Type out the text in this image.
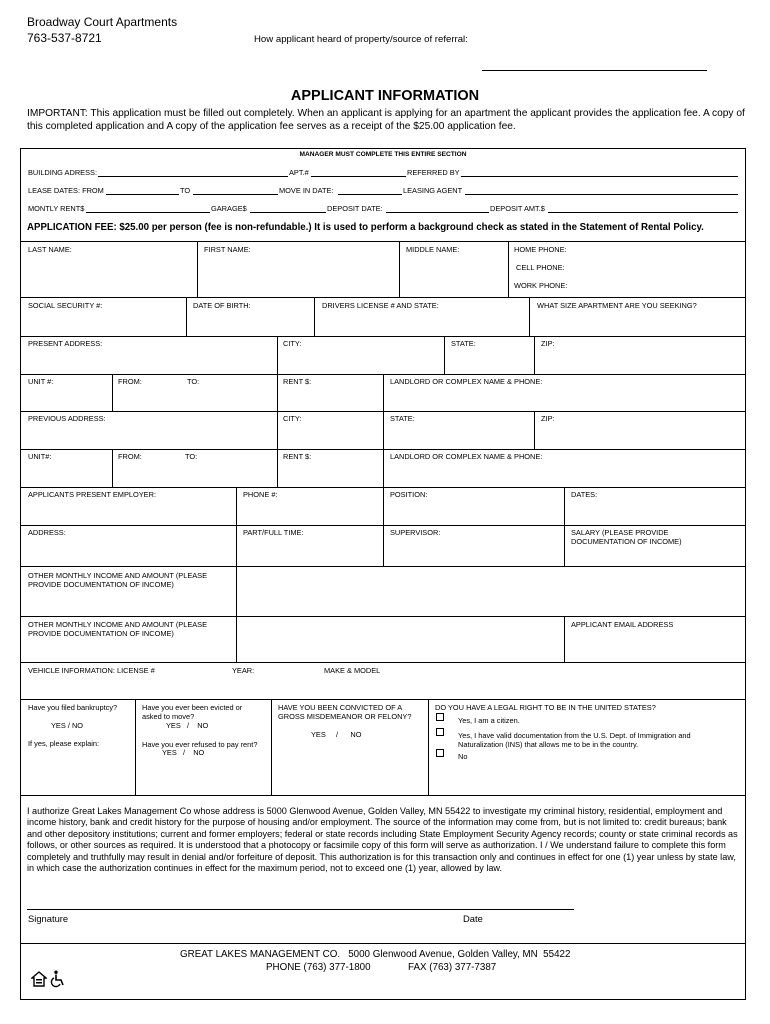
Broadway Court Apartments
763-537-8721	How applicant heard of property/source of referral:
APPLICANT INFORMATION
IMPORTANT: This application must be filled out completely. When an applicant is applying for an apartment the applicant provides the application fee. A copy of this completed application and A copy of the application fee serves as a receipt of the $25.00 application fee.
MANAGER MUST COMPLETE THIS ENTIRE SECTION
BUILDING ADRESS:	APT.#	REFERRED BY
LEASE DATES: FROM	TO	MOVE IN DATE:	LEASING AGENT
MONTLY RENT$	GARAGE$	DEPOSIT DATE:	DEPOSIT AMT.$
APPLICATION FEE: $25.00 per person (fee is non-refundable.) It is used to perform a background check as stated in the Statement of Rental Policy.
LAST NAME:	FIRST NAME:	MIDDLE NAME:	HOME PHONE:
CELL PHONE:
WORK PHONE:
SOCIAL SECURITY #:	DATE OF BIRTH:	DRIVERS LICENSE # AND STATE:	WHAT SIZE APARTMENT ARE YOU SEEKING?
PRESENT ADDRESS:	CITY:	STATE:	ZIP:
UNIT #:	FROM:	TO:	RENT $:	LANDLORD OR COMPLEX NAME & PHONE:
PREVIOUS ADDRESS:	CITY:	STATE:	ZIP:
UNIT#:	FROM:	TO:	RENT $:	LANDLORD OR COMPLEX NAME & PHONE:
APPLICANTS PRESENT EMPLOYER:	PHONE #:	POSITION:	DATES:
ADDRESS:	PART/FULL TIME:	SUPERVISOR:	SALARY (PLEASE PROVIDE DOCUMENTATION OF INCOME)
OTHER MONTHLY INCOME AND AMOUNT (PLEASE PROVIDE DOCUMENTATION OF INCOME)
OTHER MONTHLY INCOME AND AMOUNT (PLEASE PROVIDE DOCUMENTATION OF INCOME)
APPLICANT EMAIL ADDRESS
VEHICLE INFORMATION: LICENSE #	YEAR:	MAKE & MODEL
Have you filed bankruptcy?
YES / NO
If yes, please explain:
Have you ever been evicted or asked to move?
YES   /    NO
Have you ever refused to pay rent?
YES   /    NO
HAVE YOU BEEN CONVICTED OF A GROSS MISDEMEANOR OR FELONY?
YES     /      NO
DO YOU HAVE A LEGAL RIGHT TO BE IN THE UNITED STATES?
Yes, I am a citizen.
Yes, I have valid documentation from the U.S. Dept. of Immigration and Naturalization (INS) that allows me to be in the country.
No
I authorize Great Lakes Management Co whose address is 5000 Glenwood Avenue, Golden Valley, MN 55422 to investigate my criminal history, residential, employment and income history, bank and credit history for the purpose of housing and/or employment. The source of the information may come from, but is not limited to: credit bureaus; bank and other depository institutions; current and former employers; federal or state records including State Employment Security Agency records; county or state criminal records as follows, or other sources as required. It is understood that a photocopy or facsimile copy of this form will serve as authorization. I / We understand failure to complete this form completely and truthfully may result in denial and/or forfeiture of deposit. This authorization is for this transaction only and continues in effect for one (1) year unless by state law, in which case the authorization continues in effect for the maximum period, not to exceed one (1) year, allowed by law.
Signature	Date
GREAT LAKES MANAGEMENT CO.   5000 Glenwood Avenue, Golden Valley, MN  55422
PHONE (763) 377-1800	FAX (763) 377-7387
